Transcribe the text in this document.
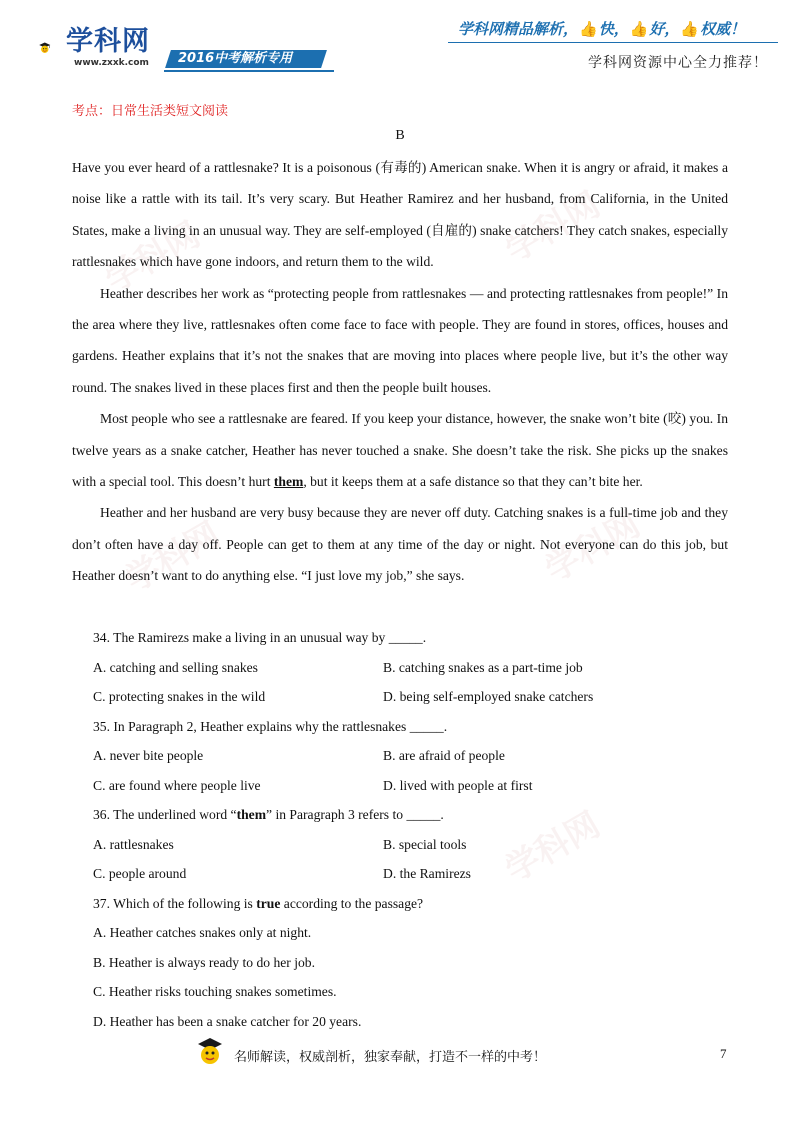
学科网	学科网
学科网	学科网
学科网
学科网
www.zxxk.com 2016中考解析专用
学科网精品解析，👍快，👍好，👍权威！
学科网资源中心全力推荐！
考点：日常生活类短文阅读
B

Have you ever heard of a rattlesnake? It is a poisonous (有毒的) American snake. When it is angry or afraid, it makes a noise like a rattle with its tail. It’s very scary. But Heather Ramirez and her husband, from California, in the United States, make a living in an unusual way. They are self-employed (自雇的) snake catchers! They catch snakes, especially rattlesnakes which have gone indoors, and return them to the wild.

Heather describes her work as “protecting people from rattlesnakes — and protecting rattlesnakes from people!” In the area where they live, rattlesnakes often come face to face with people. They are found in stores, offices, houses and gardens. Heather explains that it’s not the snakes that are moving into places where people live, but it’s the other way round. The snakes lived in these places first and then the people built houses.

Most people who see a rattlesnake are feared. If you keep your distance, however, the snake won’t bite (咬) you. In twelve years as a snake catcher, Heather has never touched a snake. She doesn’t take the risk. She picks up the snakes with a special tool. This doesn’t hurt them, but it keeps them at a safe distance so that they can’t bite her.

Heather and her husband are very busy because they are never off duty. Catching snakes is a full-time job and they don’t often have a day off. People can get to them at any time of the day or night. Not everyone can do this job, but Heather doesn’t want to do anything else. “I just love my job,” she says.

34. The Ramirezs make a living in an unusual way by _____.
A. catching and selling snakes	B. catching snakes as a part-time job
C. protecting snakes in the wild	D. being self-employed snake catchers
35. In Paragraph 2, Heather explains why the rattlesnakes _____.
A. never bite people	B. are afraid of people
C. are found where people live	D. lived with people at first
36. The underlined word “them” in Paragraph 3 refers to _____.
A. rattlesnakes	B. special tools
C. people around	D. the Ramirezs
37. Which of the following is true according to the passage?
A. Heather catches snakes only at night.
B. Heather is always ready to do her job.
C. Heather risks touching snakes sometimes.
D. Heather has been a snake catcher for 20 years.
名师解读，权威剖析，独家奉献，打造不一样的中考！	7
